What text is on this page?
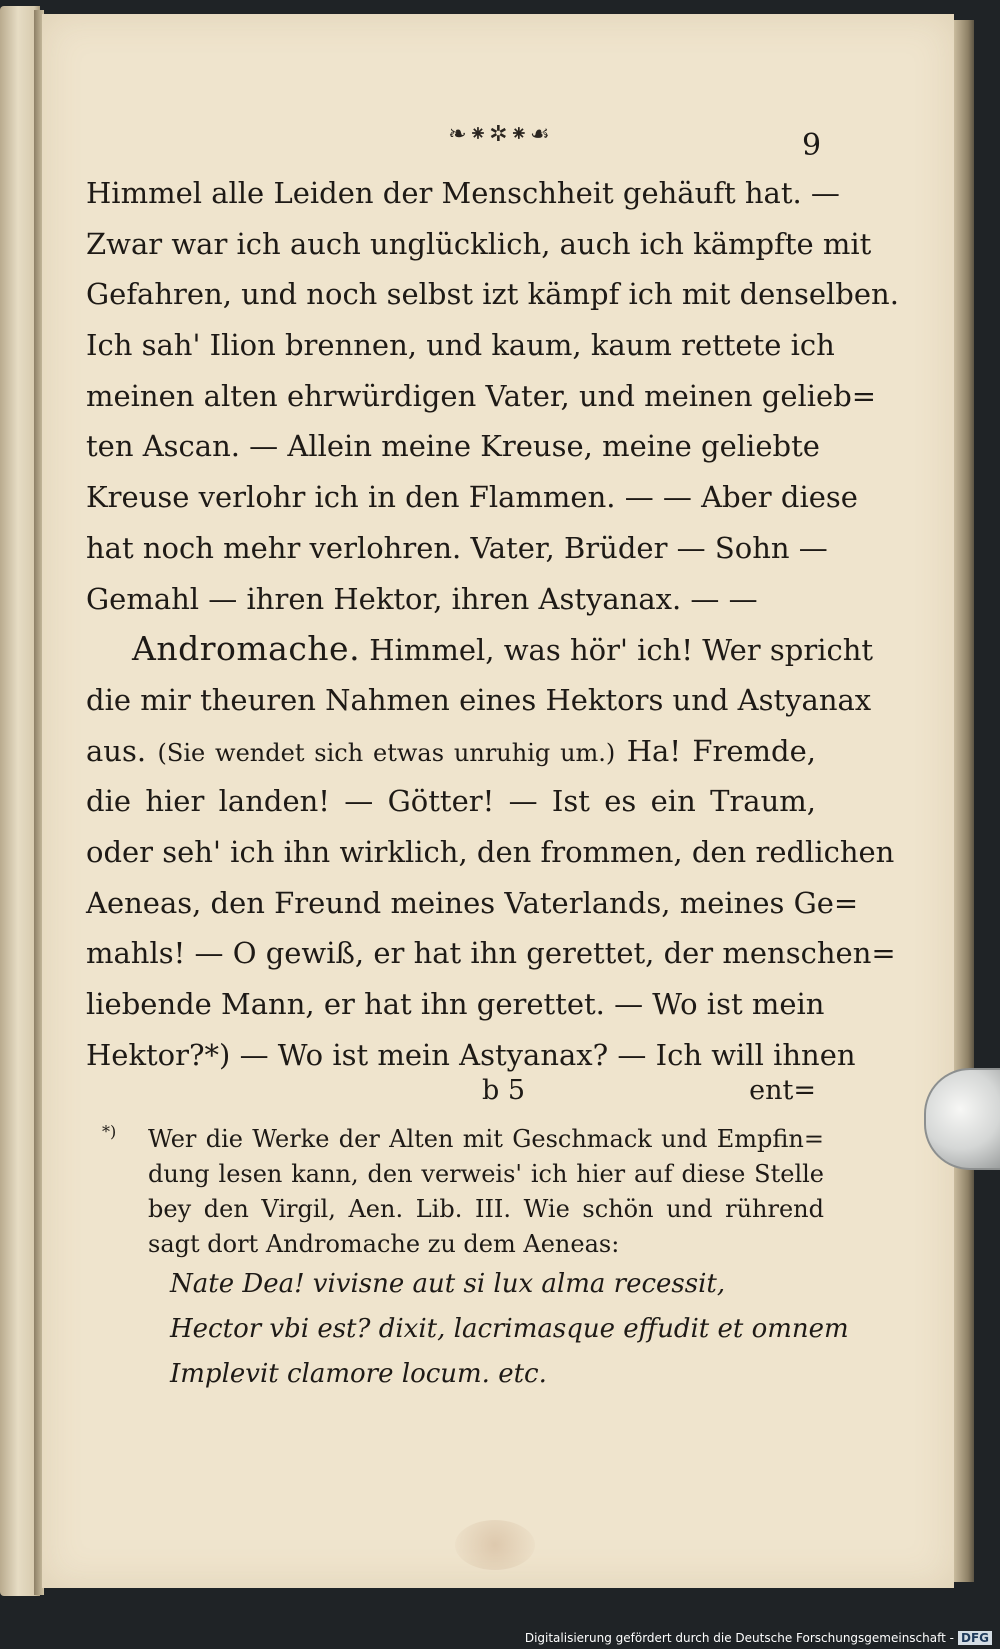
❧⁕✲⁕☙	9
Himmel alle Leiden der Menschheit gehäuft hat. —
Zwar war ich auch unglücklich, auch ich kämpfte mit
Gefahren, und noch selbst izt kämpf ich mit denselben.
Ich sah' Ilion brennen, und kaum, kaum rettete ich
meinen alten ehrwürdigen Vater, und meinen gelieb=
ten Ascan. — Allein meine Kreuse, meine geliebte
Kreuse verlohr ich in den Flammen. — — Aber diese
hat noch mehr verlohren. Vater, Brüder — Sohn —
Gemahl — ihren Hektor, ihren Astyanax. — —
Andromache. Himmel, was hör' ich! Wer spricht
die mir theuren Nahmen eines Hektors und Astyanax
aus. (Sie wendet sich etwas unruhig um.) Ha! Fremde,
die hier landen! — Götter! — Ist es ein Traum,
oder seh' ich ihn wirklich, den frommen, den redlichen
Aeneas, den Freund meines Vaterlands, meines Ge=
mahls! — O gewiß, er hat ihn gerettet, der menschen=
liebende Mann, er hat ihn gerettet. — Wo ist mein
Hektor?*) — Wo ist mein Astyanax? — Ich will ihnen
b 5	ent=
*)	Wer die Werke der Alten mit Geschmack und Empfin=
dung lesen kann, den verweis' ich hier auf diese Stelle
bey den Virgil, Aen. Lib. III. Wie schön und rührend
sagt dort Andromache zu dem Aeneas:
Nate Dea! vivisne aut si lux alma recessit,
Hector vbi est? dixit, lacrimasque effudit et omnem
Implevit clamore locum. etc.
Digitalisierung gefördert durch die Deutsche Forschungsgemeinschaft - DFG
